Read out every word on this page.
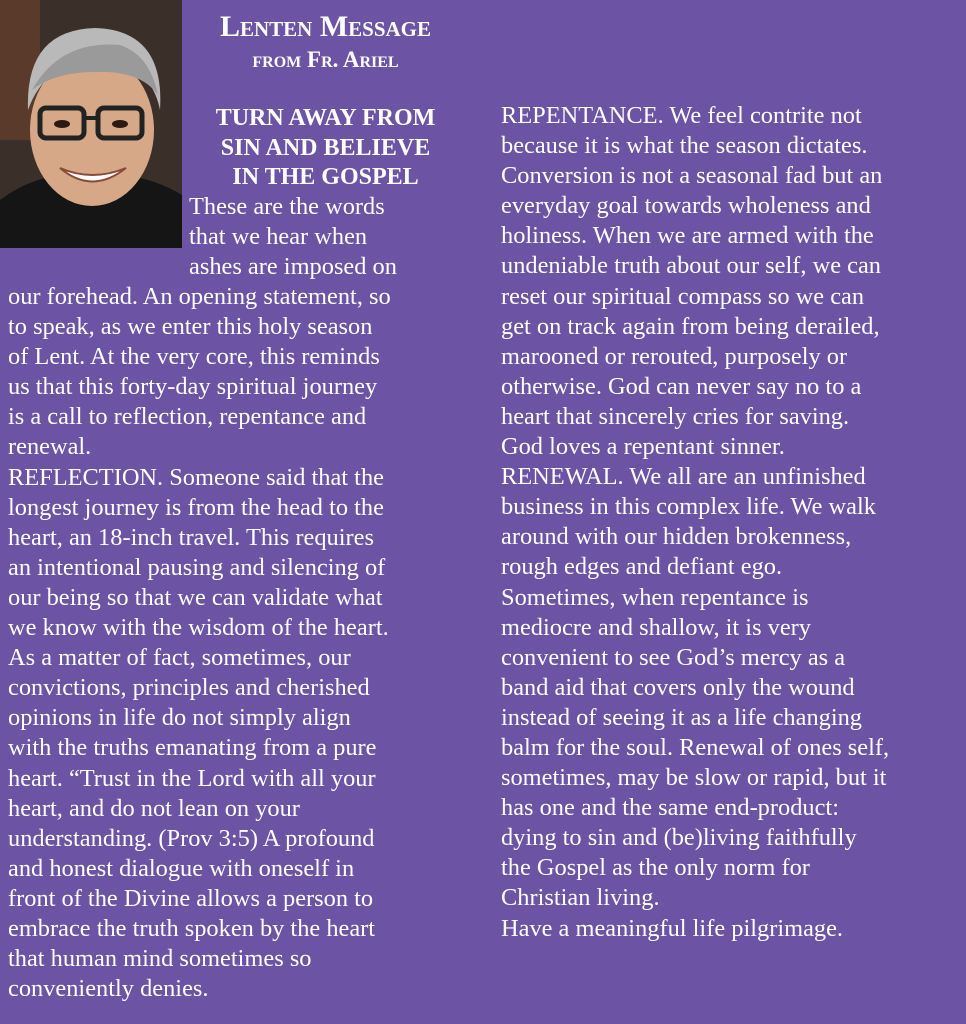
Lenten Message
from Fr. Ariel
TURN AWAY FROM
SIN AND BELIEVE
IN THE GOSPEL
These are the words
that we hear when
ashes are imposed on
our forehead. An opening statement, so
to speak, as we enter this holy season
of Lent. At the very core, this reminds
us that this forty-day spiritual journey
is a call to reflection, repentance and
renewal.
REFLECTION. Someone said that the
longest journey is from the head to the
heart, an 18-inch travel. This requires
an intentional pausing and silencing of
our being so that we can validate what
we know with the wisdom of the heart.
As a matter of fact, sometimes, our
convictions, principles and cherished
opinions in life do not simply align
with the truths emanating from a pure
heart. “Trust in the Lord with all your
heart, and do not lean on your
understanding. (Prov 3:5) A profound
and honest dialogue with oneself in
front of the Divine allows a person to
embrace the truth spoken by the heart
that human mind sometimes so
conveniently denies.
REPENTANCE. We feel contrite not
because it is what the season dictates.
Conversion is not a seasonal fad but an
everyday goal towards wholeness and
holiness. When we are armed with the
undeniable truth about our self, we can
reset our spiritual compass so we can
get on track again from being derailed,
marooned or rerouted, purposely or
otherwise. God can never say no to a
heart that sincerely cries for saving.
God loves a repentant sinner.
RENEWAL. We all are an unfinished
business in this complex life. We walk
around with our hidden brokenness,
rough edges and defiant ego.
Sometimes, when repentance is
mediocre and shallow, it is very
convenient to see God’s mercy as a
band aid that covers only the wound
instead of seeing it as a life changing
balm for the soul. Renewal of ones self,
sometimes, may be slow or rapid, but it
has one and the same end-product:
dying to sin and (be)living faithfully
the Gospel as the only norm for
Christian living.
Have a meaningful life pilgrimage.
